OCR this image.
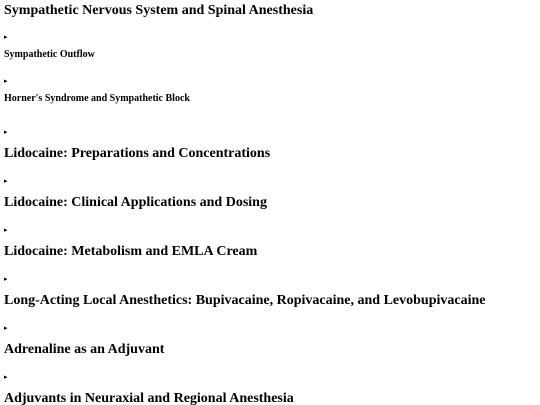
Sympathetic Nervous System and Spinal Anesthesia
▸
Sympathetic Outflow
▸
Horner's Syndrome and Sympathetic Block
▸
Lidocaine: Preparations and Concentrations
▸
Lidocaine: Clinical Applications and Dosing
▸
Lidocaine: Metabolism and EMLA Cream
▸
Long-Acting Local Anesthetics: Bupivacaine, Ropivacaine, and Levobupivacaine
▸
Adrenaline as an Adjuvant
▸
Adjuvants in Neuraxial and Regional Anesthesia
